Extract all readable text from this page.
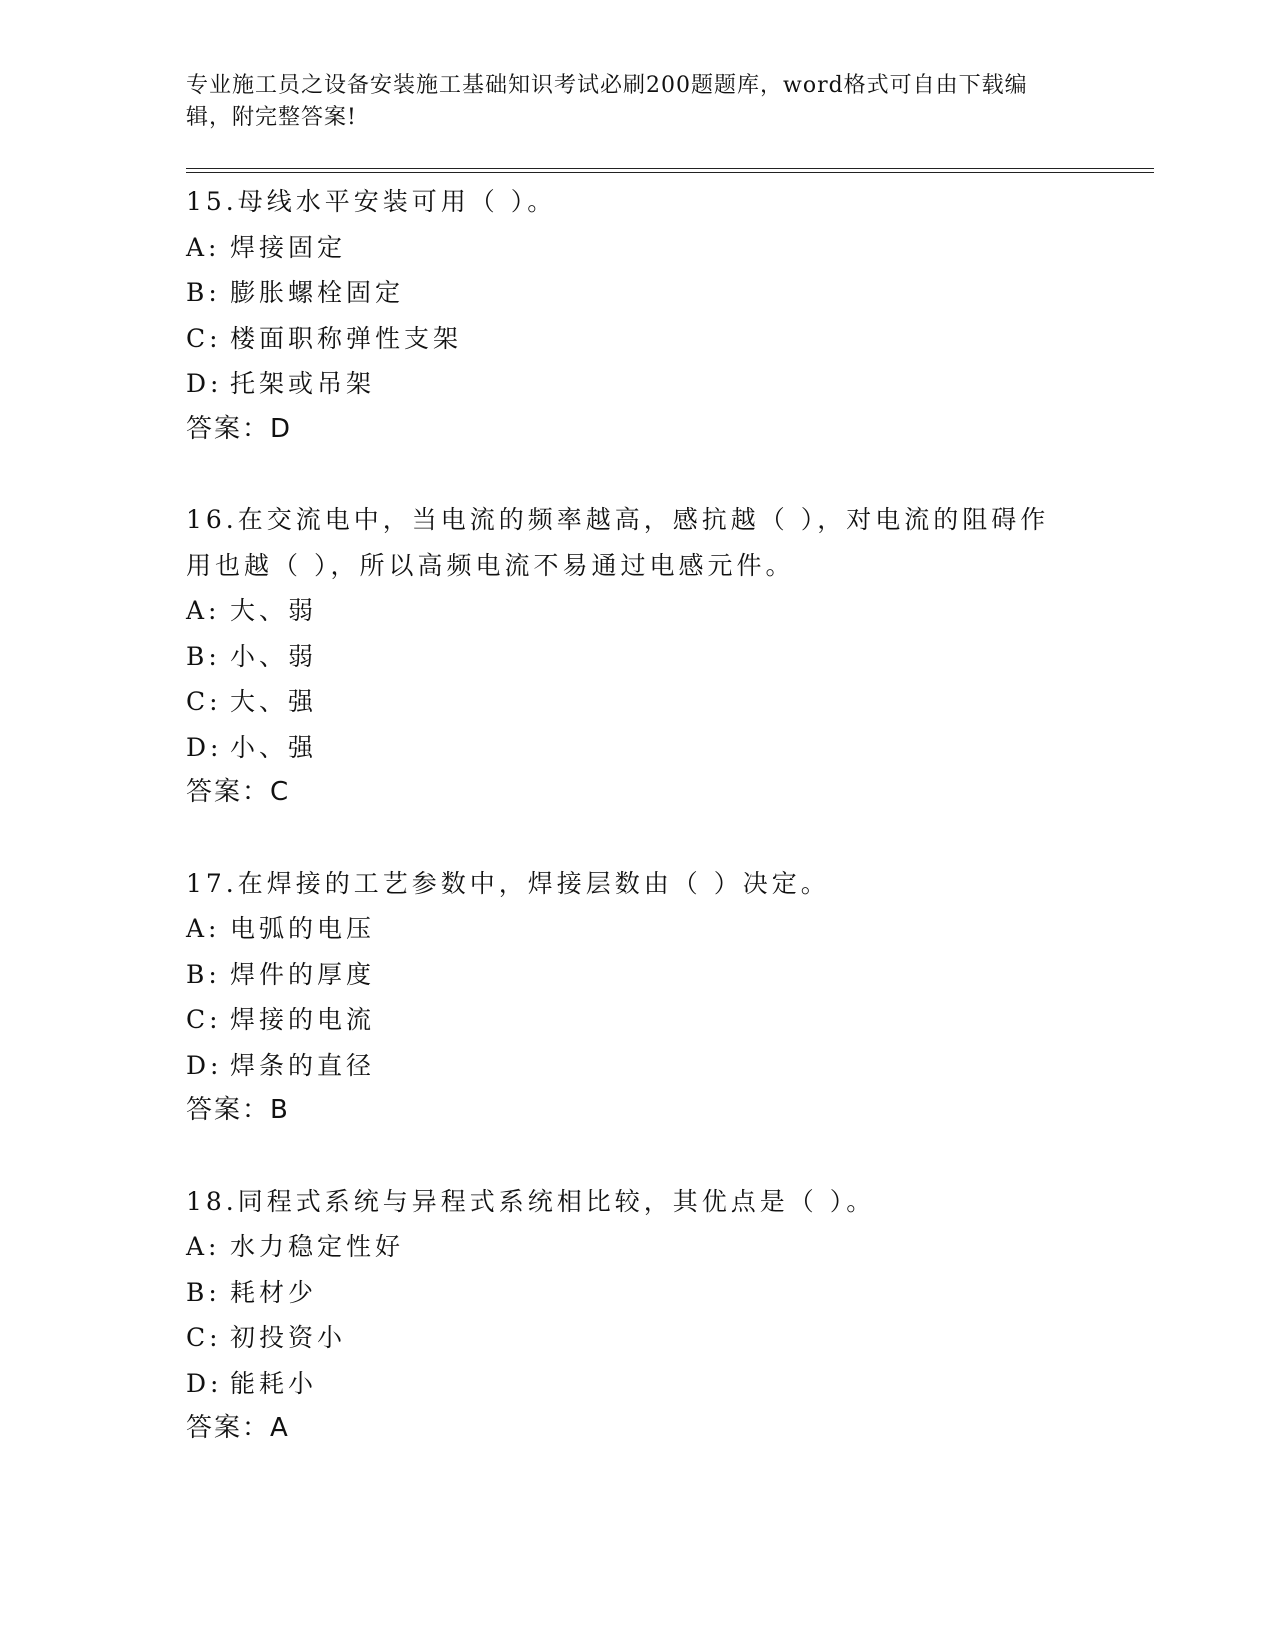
专业施工员之设备安装施工基础知识考试必刷200题题库，word格式可自由下载编辑，附完整答案!
15.母线水平安装可用（ ）。
A: 焊接固定
B: 膨胀螺栓固定
C: 楼面职称弹性支架
D: 托架或吊架
答案：D
16.在交流电中，当电流的频率越高，感抗越（ ），对电流的阻碍作用也越（ ），所以高频电流不易通过电感元件。
A: 大、弱
B: 小、弱
C: 大、强
D: 小、强
答案：C
17.在焊接的工艺参数中，焊接层数由（ ）决定。
A: 电弧的电压
B: 焊件的厚度
C: 焊接的电流
D: 焊条的直径
答案：B
18.同程式系统与异程式系统相比较，其优点是（ ）。
A: 水力稳定性好
B: 耗材少
C: 初投资小
D: 能耗小
答案：A
